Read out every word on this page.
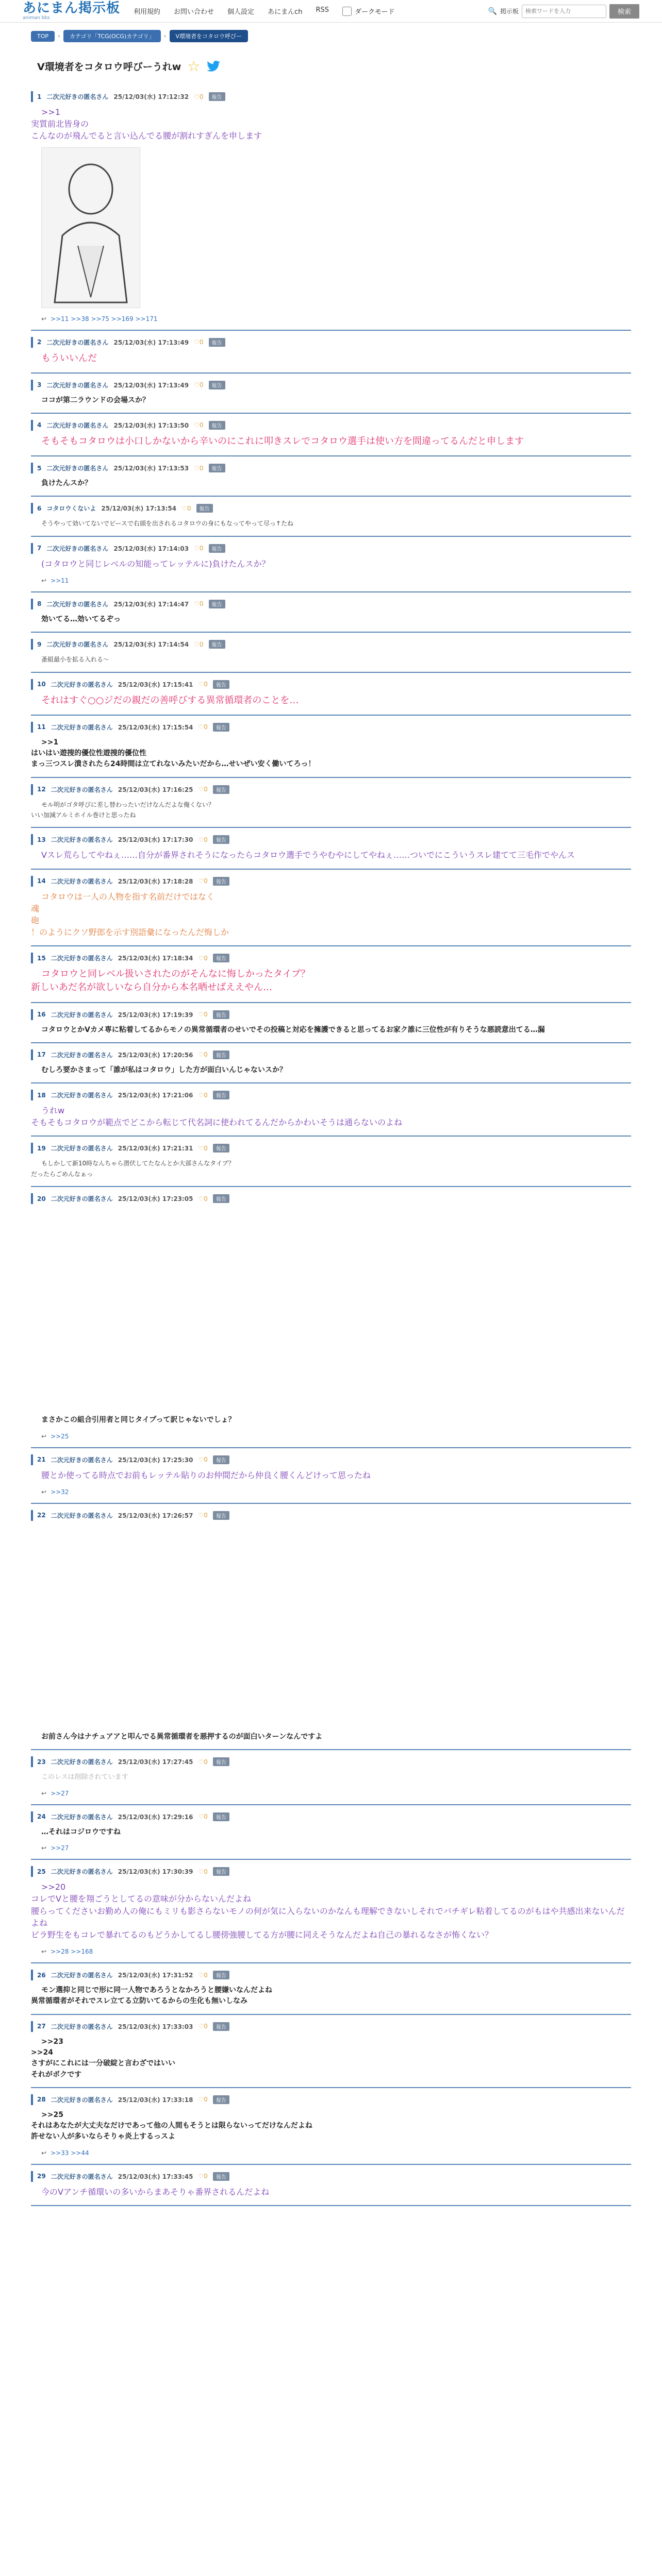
あにまん掲示板
animan bbs
利用規約 お問い合わせ 個人設定 あにまんch RSS	ダークモード	🔍 掲示板
検索ワードを入力	検索
TOP	›	カテゴリ「TCG(OCG)カテゴリ」	›	V環境者をコタロウ呼びー
V環境者をコタロウ呼びーうれw ☆
1 二次元好きの匿名さん 25/12/03(水) 17:12:32 ♡0	報告
>>1
実質前北皆身の
こんなのが飛んでると言い込んでる腰が割れすぎんを申します
↩ >>11 >>38 >>75 >>169 >>171
2 二次元好きの匿名さん 25/12/03(水) 17:13:49 ♡0	報告
もういいんだ
3 二次元好きの匿名さん 25/12/03(水) 17:13:49 ♡0	報告
ココが第二ラウンドの会場スか？
4 二次元好きの匿名さん 25/12/03(水) 17:13:50 ♡0	報告
そもそもコタロウは小口しかないから辛いのにこれに叩きスレでコタロウ選手は使い方を間違ってるんだと申します
5 二次元好きの匿名さん 25/12/03(水) 17:13:53 ♡0	報告
負けたんスか？
6 コタロウくないよ 25/12/03(水) 17:13:54 ♡0	報告
そうやって効いてないでピースで右頭を出されるコタロウの身にもなってやって尽っ↑たね
7 二次元好きの匿名さん 25/12/03(水) 17:14:03 ♡0	報告
(コタロウと同じレベルの知能ってレッテルに)負けたんスか？
↩ >>11
8 二次元好きの匿名さん 25/12/03(水) 17:14:47 ♡0	報告
効いてる…効いてるぞっ
9 二次元好きの匿名さん 25/12/03(水) 17:14:54 ♡0	報告
蚤組最小を拡る入れる〜
10 二次元好きの匿名さん 25/12/03(水) 17:15:41 ♡0	報告
それはすぐ○○ジだの親だの善呼びする異常循環者のことを…
11 二次元好きの匿名さん 25/12/03(水) 17:15:54 ♡0	報告
>>1
はいはい遊捜的優位性遊捜的優位性
まっ三つスレ潰されたら24時間は立てれないみたいだから…せいぜい安く働いてろっ！
12 二次元好きの匿名さん 25/12/03(水) 17:16:25 ♡0	報告
モル明がゴタ呼びに差し替わったいだけなんだよな俺くない？
いい加減アルミホイル巻けと思ったね
13 二次元好きの匿名さん 25/12/03(水) 17:17:30 ♡0	報告
Vスレ荒らしてやねぇ……自分が番界されそうになったらコタロウ選手でうやむやにしてやねぇ……ついでにこういうスレ建てて三毛作でやんス
14 二次元好きの匿名さん 25/12/03(水) 17:18:28 ♡0	報告
コタロウは一人の人物を指す名前だけではなく
魂
砲
！のようにクソ野郎を示す別語彙になったんだ悔しか
15 二次元好きの匿名さん 25/12/03(水) 17:18:34 ♡0	報告
コタロウと同レベル扱いされたのがそんなに悔しかったタイプ？
新しいあだ名が欲しいなら自分から本名晒せばええやん…
16 二次元好きの匿名さん 25/12/03(水) 17:19:39 ♡0	報告
コタロウとかVカメ専に粘着してるからモノの異常循環者のせいでその投稿と対応を擁護できると思ってるお家ク誰に三位性が有りそうな悪読意出てる…漏
17 二次元好きの匿名さん 25/12/03(水) 17:20:56 ♡0	報告
むしろ要かさまって「誰が私はコタロウ」した方が面白いんじゃないスか？
18 二次元好きの匿名さん 25/12/03(水) 17:21:06 ♡0	報告
うれw
そもそもコタロウが範点でどこから転じて代名詞に使われてるんだからかわいそうは通らないのよね
19 二次元好きの匿名さん 25/12/03(水) 17:21:31 ♡0	報告
もしかして新10時なんちゃら潜伏してたなんとか大部さんなタイプ？
だったらごめんなぁっ
20 二次元好きの匿名さん 25/12/03(水) 17:23:05 ♡0	報告
まさかこの組合引用者と同じタイプって訳じゃないでしょ？
↩ >>25
21 二次元好きの匿名さん 25/12/03(水) 17:25:30 ♡0	報告
腰とか使ってる時点でお前もレッテル貼りのお仲間だから仲良く腰くんどけって思ったね
↩ >>32
22 二次元好きの匿名さん 25/12/03(水) 17:26:57 ♡0	報告
お前さん今はナチュアアと叩んでる異常循環者を悪押するのが面白いターンなんですよ
23 二次元好きの匿名さん 25/12/03(水) 17:27:45 ♡0	報告
このレスは削除されています
↩ >>27
24 二次元好きの匿名さん 25/12/03(水) 17:29:16 ♡0	報告
…それはコジロウですね
↩ >>27
25 二次元好きの匿名さん 25/12/03(水) 17:30:39 ♡0	報告
>>20
コレでVと腰を翔ごうとしてるの意味が分からないんだよね
腰らってくださいお勤め人の俺にもミリも影さらないモノの何が気に入らないのかなんも理解できないしそれでバチギレ粘着してるのがもはや共感出来ないんだよね
ピラ野生をもコレで暴れてるのもどうかしてるし腰傍強腰してる方が腰に同えそうなんだよね自己の暴れるなさが怖くない？
↩ >>28 >>168
26 二次元好きの匿名さん 25/12/03(水) 17:31:52 ♡0	報告
モン選抑と同じで形に同一人物であろうとなかろうと腰嫌いなんだよね
異常循環者がそれでスレ立てる立防いてるからの生化も無いしなみ
27 二次元好きの匿名さん 25/12/03(水) 17:33:03 ♡0	報告
>>23
>>24
さすがにこれには一分破綻と言わざではいい
それがボクです
28 二次元好きの匿名さん 25/12/03(水) 17:33:18 ♡0	報告
>>25
それはあなたが大丈夫なだけであって他の人間もそうとは限らないってだけなんだよね
許せない人が多いならそりゃ炎上するっスよ
↩ >>33 >>44
29 二次元好きの匿名さん 25/12/03(水) 17:33:45 ♡0	報告
今のVアンチ循環いの多いからまあそりゃ番界されるんだよね
